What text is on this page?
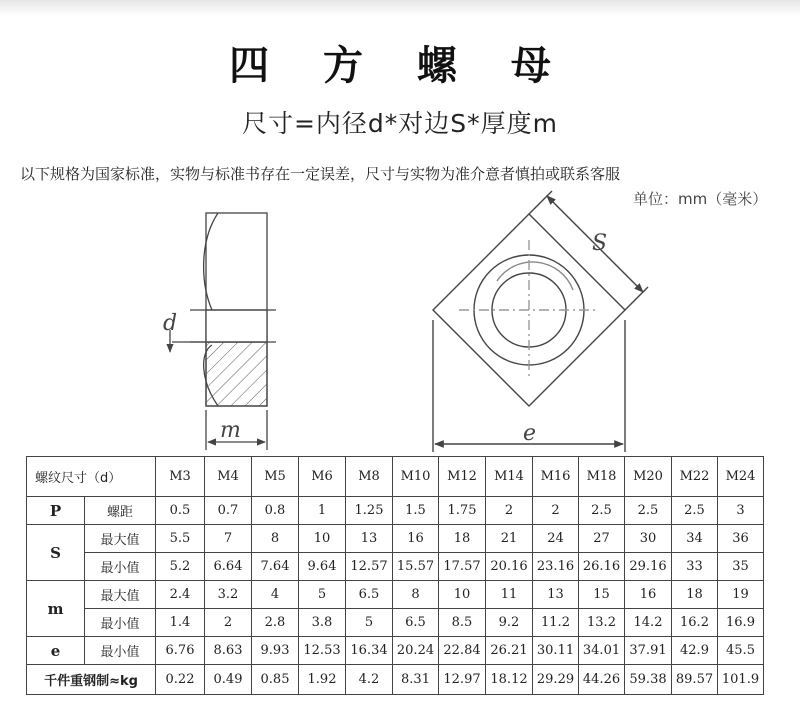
四 方 螺 母
尺寸=内径d*对边S*厚度m
以下规格为国家标准，实物与标准书存在一定误差，尺寸与实物为准介意者慎拍或联系客服
单位：mm（毫米）
d
m
S
e
螺纹尺寸（d）		M3	M4	M5	M6	M8	M10	M12	M14	M16	M18	M20	M22	M24
P	螺距	0.5	0.7	0.8	1	1.25	1.5	1.75	2	2	2.5	2.5	2.5	3
S	最大值	5.5	7	8	10	13	16	18	21	24	27	30	34	36
	最小值	5.2	6.64	7.64	9.64	12.57	15.57	17.57	20.16	23.16	26.16	29.16	33	35
m	最大值	2.4	3.2	4	5	6.5	8	10	11	13	15	16	18	19
	最小值	1.4	2	2.8	3.8	5	6.5	8.5	9.2	11.2	13.2	14.2	16.2	16.9
e	最小值	6.76	8.63	9.93	12.53	16.34	20.24	22.84	26.21	30.11	34.01	37.91	42.9	45.5
千件重钢制≈kg		0.22	0.49	0.85	1.92	4.2	8.31	12.97	18.12	29.29	44.26	59.38	89.57	101.9
